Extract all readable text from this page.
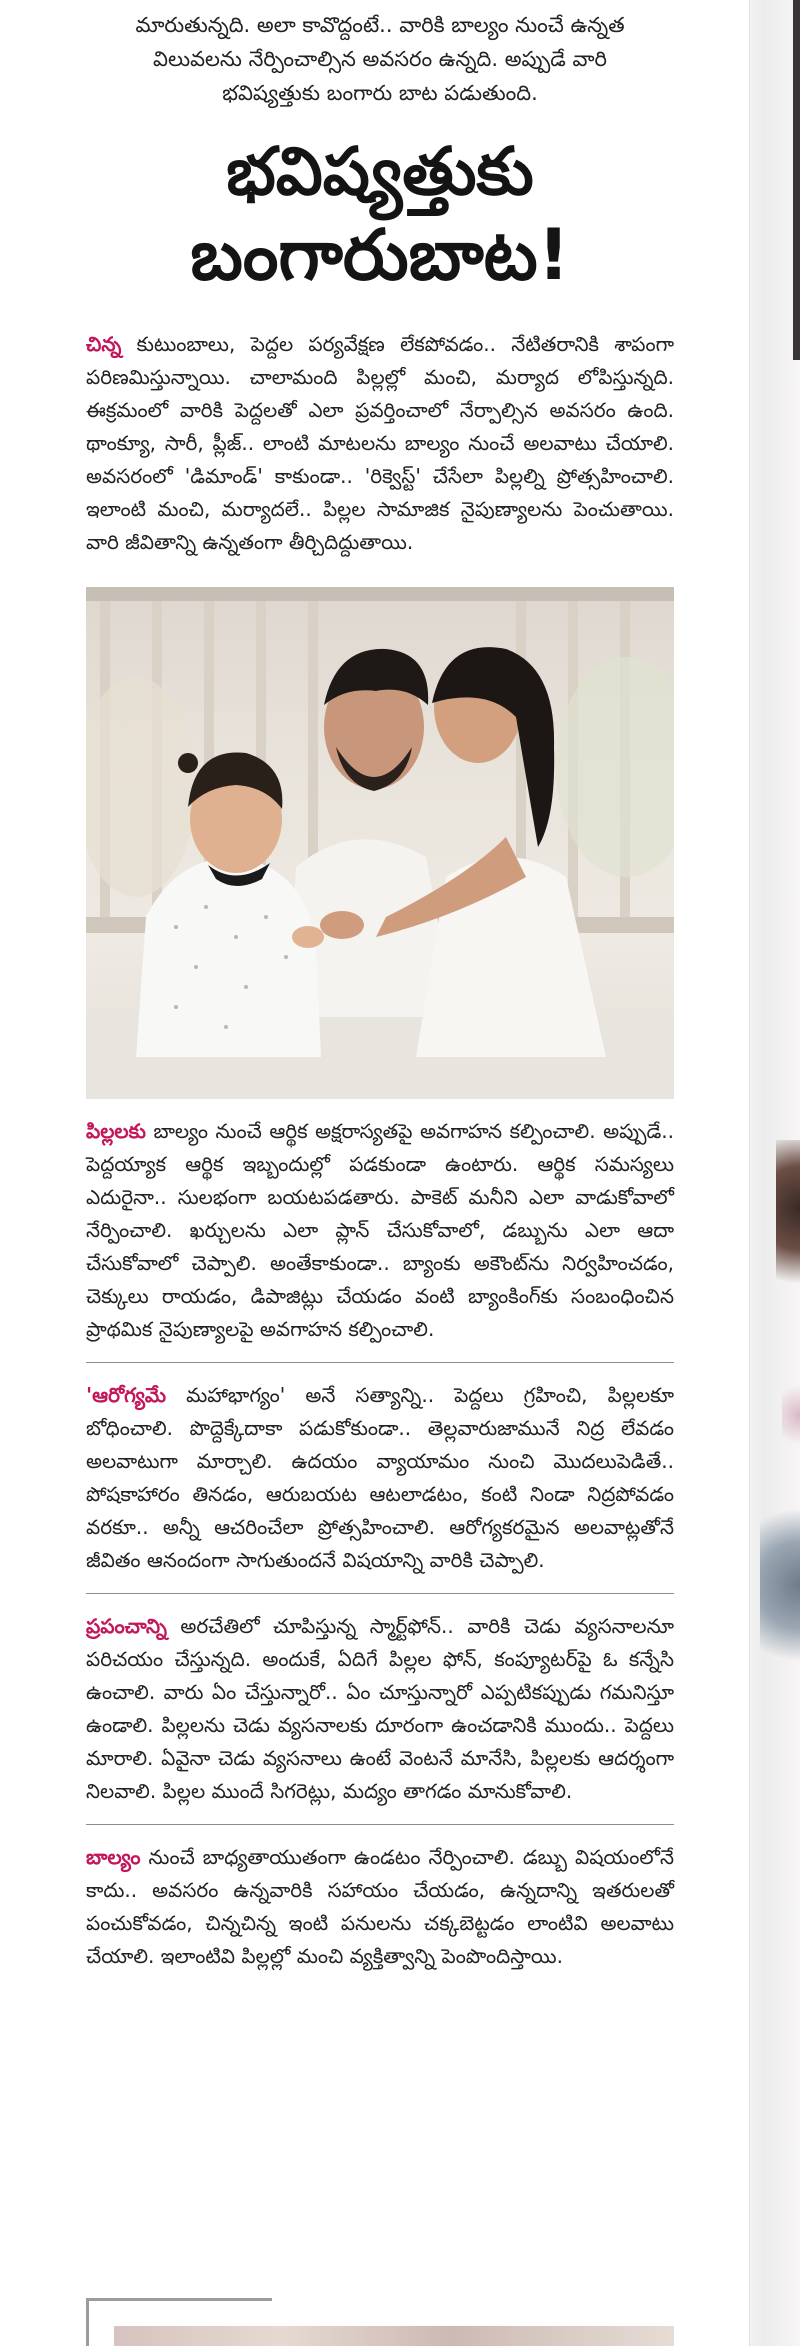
మారుతున్నది. అలా కావొద్దంటే.. వారికి బాల్యం నుంచే ఉన్నత
విలువలను నేర్పించాల్సిన అవసరం ఉన్నది. అప్పుడే వారి
భవిష్యత్తుకు బంగారు బాట పడుతుంది.
భవిష్యత్తుకు
బంగారుబాట!

చిన్న కుటుంబాలు, పెద్దల పర్యవేక్షణ లేకపోవడం.. నేటితరానికి శాపంగా పరిణమిస్తున్నాయి. చాలామంది పిల్లల్లో మంచి, మర్యాద లోపిస్తున్నది. ఈక్రమంలో వారికి పెద్దలతో ఎలా ప్రవర్తించాలో నేర్పాల్సిన అవసరం ఉంది. థాంక్యూ, సారీ, ప్లీజ్.. లాంటి మాటలను బాల్యం నుంచే అలవాటు చేయాలి. అవసరంలో 'డిమాండ్' కాకుండా.. 'రిక్వెస్ట్' చేసేలా పిల్లల్ని ప్రోత్సహించాలి. ఇలాంటి మంచి, మర్యాదలే.. పిల్లల సామాజిక నైపుణ్యాలను పెంచుతాయి. వారి జీవితాన్ని ఉన్నతంగా తీర్చిదిద్దుతాయి.

పిల్లలకు బాల్యం నుంచే ఆర్థిక అక్షరాస్యతపై అవగాహన కల్పించాలి. అప్పుడే.. పెద్దయ్యాక ఆర్థిక ఇబ్బందుల్లో పడకుండా ఉంటారు. ఆర్థిక సమస్యలు ఎదురైనా.. సులభంగా బయటపడతారు. పాకెట్ మనీని ఎలా వాడుకోవాలో నేర్పించాలి. ఖర్చులను ఎలా ప్లాన్ చేసుకోవాలో, డబ్బును ఎలా ఆదా చేసుకోవాలో చెప్పాలి. అంతేకాకుండా.. బ్యాంకు అకౌంట్‌ను నిర్వహించడం, చెక్కులు రాయడం, డిపాజిట్లు చేయడం వంటి బ్యాంకింగ్‌కు సంబంధించిన ప్రాథమిక నైపుణ్యాలపై అవగాహన కల్పించాలి.

'ఆరోగ్యమే మహాభాగ్యం' అనే సత్యాన్ని.. పెద్దలు గ్రహించి, పిల్లలకూ బోధించాలి. పొద్దెక్కేదాకా పడుకోకుండా.. తెల్లవారుజామునే నిద్ర లేవడం అలవాటుగా మార్చాలి. ఉదయం వ్యాయామం నుంచి మొదలుపెడితే.. పోషకాహారం తినడం, ఆరుబయట ఆటలాడటం, కంటి నిండా నిద్రపోవడం వరకూ.. అన్నీ ఆచరించేలా ప్రోత్సహించాలి. ఆరోగ్యకరమైన అలవాట్లతోనే జీవితం ఆనందంగా సాగుతుందనే విషయాన్ని వారికి చెప్పాలి.

ప్రపంచాన్ని అరచేతిలో చూపిస్తున్న స్మార్ట్‌ఫోన్.. వారికి చెడు వ్యసనాలనూ పరిచయం చేస్తున్నది. అందుకే, ఏదిగే పిల్లల ఫోన్, కంప్యూటర్‌పై ఓ కన్నేసి ఉంచాలి. వారు ఏం చేస్తున్నారో.. ఏం చూస్తున్నారో ఎప్పటికప్పుడు గమనిస్తూ ఉండాలి. పిల్లలను చెడు వ్యసనాలకు దూరంగా ఉంచడానికి ముందు.. పెద్దలు మారాలి. ఏవైనా చెడు వ్యసనాలు ఉంటే వెంటనే మానేసి, పిల్లలకు ఆదర్శంగా నిలవాలి. పిల్లల ముందే సిగరెట్లు, మద్యం తాగడం మానుకోవాలి.

బాల్యం నుంచే బాధ్యతాయుతంగా ఉండటం నేర్పించాలి. డబ్బు విషయంలోనే కాదు.. అవసరం ఉన్నవారికి సహాయం చేయడం, ఉన్నదాన్ని ఇతరులతో పంచుకోవడం, చిన్నచిన్న ఇంటి పనులను చక్కబెట్టడం లాంటివి అలవాటు చేయాలి. ఇలాంటివి పిల్లల్లో మంచి వ్యక్తిత్వాన్ని పెంపొందిస్తాయి.
